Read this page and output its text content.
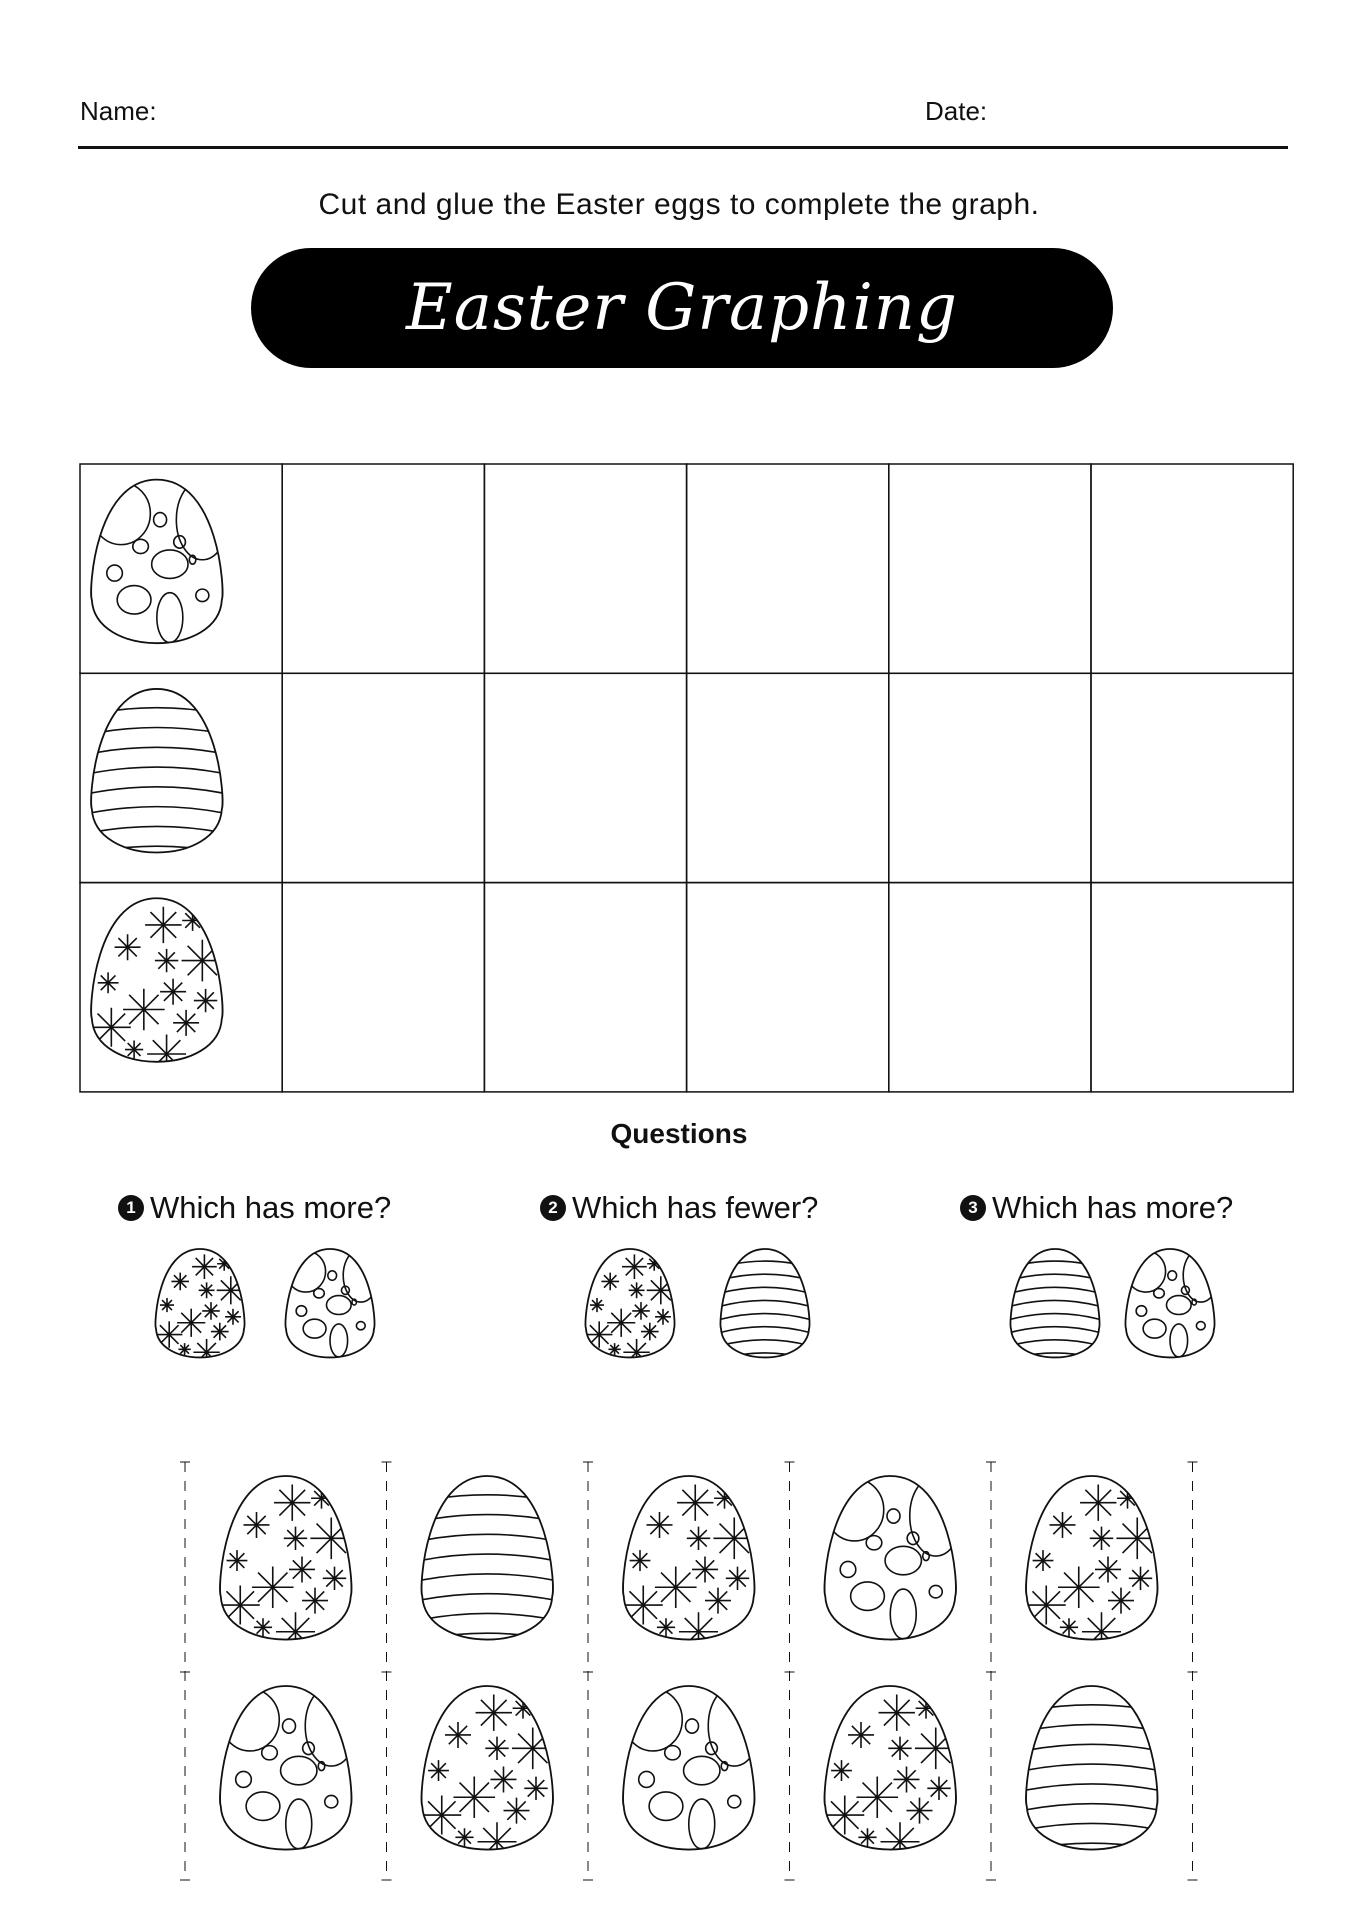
Name:	Date:
Cut and glue the Easter eggs to complete the graph.
Easter Graphing
Questions
1 Which has more?	2 Which has fewer?	3 Which has more?
